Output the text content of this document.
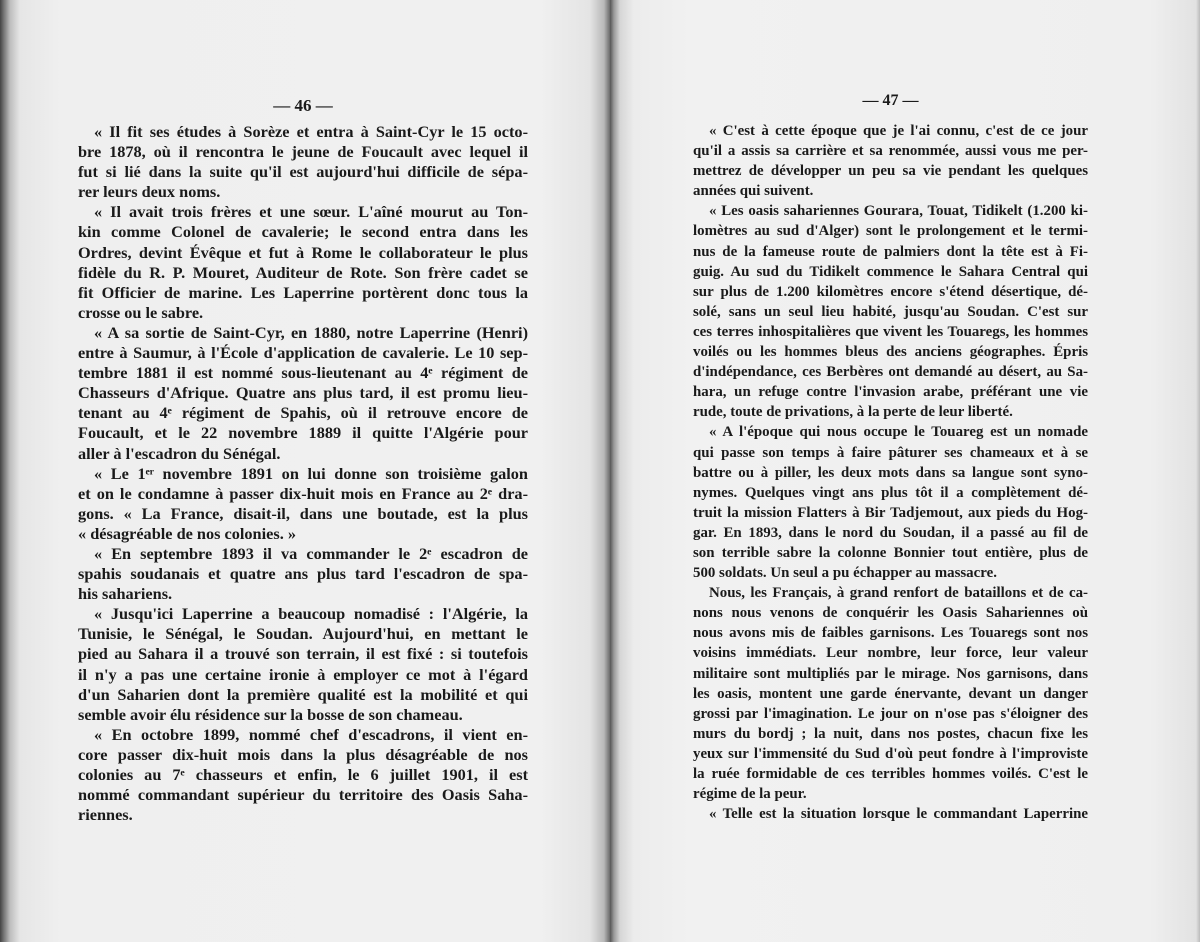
— 46 —
« Il fit ses études à Sorèze et entra à Saint-Cyr le 15 octo-
bre 1878, où il rencontra le jeune de Foucault avec lequel il
fut si lié dans la suite qu'il est aujourd'hui difficile de sépa-
rer leurs deux noms.
« Il avait trois frères et une sœur. L'aîné mourut au Ton-
kin comme Colonel de cavalerie; le second entra dans les
Ordres, devint Évêque et fut à Rome le collaborateur le plus
fidèle du R. P. Mouret, Auditeur de Rote. Son frère cadet se
fit Officier de marine. Les Laperrine portèrent donc tous la
crosse ou le sabre.
« A sa sortie de Saint-Cyr, en 1880, notre Laperrine (Henri)
entre à Saumur, à l'École d'application de cavalerie. Le 10 sep-
tembre 1881 il est nommé sous-lieutenant au 4ᵉ régiment de
Chasseurs d'Afrique. Quatre ans plus tard, il est promu lieu-
tenant au 4ᵉ régiment de Spahis, où il retrouve encore de
Foucault, et le 22 novembre 1889 il quitte l'Algérie pour
aller à l'escadron du Sénégal.
« Le 1ᵉʳ novembre 1891 on lui donne son troisième galon
et on le condamne à passer dix-huit mois en France au 2ᵉ dra-
gons. « La France, disait-il, dans une boutade, est la plus
« désagréable de nos colonies. »
« En septembre 1893 il va commander le 2ᵉ escadron de
spahis soudanais et quatre ans plus tard l'escadron de spa-
his sahariens.
« Jusqu'ici Laperrine a beaucoup nomadisé : l'Algérie, la
Tunisie, le Sénégal, le Soudan. Aujourd'hui, en mettant le
pied au Sahara il a trouvé son terrain, il est fixé : si toutefois
il n'y a pas une certaine ironie à employer ce mot à l'égard
d'un Saharien dont la première qualité est la mobilité et qui
semble avoir élu résidence sur la bosse de son chameau.
« En octobre 1899, nommé chef d'escadrons, il vient en-
core passer dix-huit mois dans la plus désagréable de nos
colonies au 7ᵉ chasseurs et enfin, le 6 juillet 1901, il est
nommé commandant supérieur du territoire des Oasis Saha-
riennes.
— 47 —
« C'est à cette époque que je l'ai connu, c'est de ce jour
qu'il a assis sa carrière et sa renommée, aussi vous me per-
mettrez de développer un peu sa vie pendant les quelques
années qui suivent.
« Les oasis sahariennes Gourara, Touat, Tidikelt (1.200 ki-
lomètres au sud d'Alger) sont le prolongement et le termi-
nus de la fameuse route de palmiers dont la tête est à Fi-
guig. Au sud du Tidikelt commence le Sahara Central qui
sur plus de 1.200 kilomètres encore s'étend désertique, dé-
solé, sans un seul lieu habité, jusqu'au Soudan. C'est sur
ces terres inhospitalières que vivent les Touaregs, les hommes
voilés ou les hommes bleus des anciens géographes. Épris
d'indépendance, ces Berbères ont demandé au désert, au Sa-
hara, un refuge contre l'invasion arabe, préférant une vie
rude, toute de privations, à la perte de leur liberté.
« A l'époque qui nous occupe le Touareg est un nomade
qui passe son temps à faire pâturer ses chameaux et à se
battre ou à piller, les deux mots dans sa langue sont syno-
nymes. Quelques vingt ans plus tôt il a complètement dé-
truit la mission Flatters à Bir Tadjemout, aux pieds du Hog-
gar. En 1893, dans le nord du Soudan, il a passé au fil de
son terrible sabre la colonne Bonnier tout entière, plus de
500 soldats. Un seul a pu échapper au massacre.
Nous, les Français, à grand renfort de bataillons et de ca-
nons nous venons de conquérir les Oasis Sahariennes où
nous avons mis de faibles garnisons. Les Touaregs sont nos
voisins immédiats. Leur nombre, leur force, leur valeur
militaire sont multipliés par le mirage. Nos garnisons, dans
les oasis, montent une garde énervante, devant un danger
grossi par l'imagination. Le jour on n'ose pas s'éloigner des
murs du bordj ; la nuit, dans nos postes, chacun fixe les
yeux sur l'immensité du Sud d'où peut fondre à l'improviste
la ruée formidable de ces terribles hommes voilés. C'est le
régime de la peur.
« Telle est la situation lorsque le commandant Laperrine
